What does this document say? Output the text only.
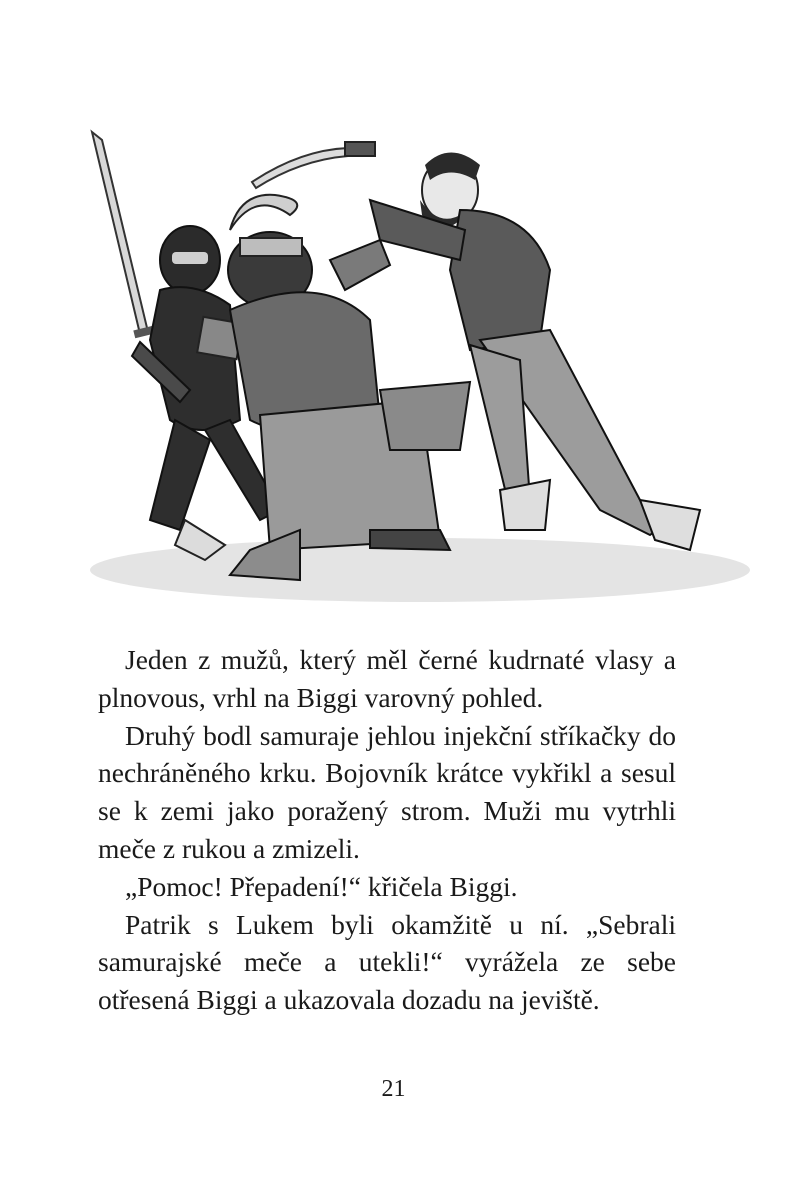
Jeden z mužů, který měl černé kudrnaté vlasy a plnovous, vrhl na Biggi varovný pohled.

Druhý bodl samuraje jehlou injekční stříkačky do nechráněného krku. Bojovník krátce vykřikl a sesul se k zemi jako poražený strom. Muži mu vytrhli meče z rukou a zmizeli.

„Pomoc! Přepadení!“ křičela Biggi.

Patrik s Lukem byli okamžitě u ní. „Sebrali samurajské meče a utekli!“ vyrážela ze sebe otřesená Biggi a ukazovala dozadu na jeviště.

21
